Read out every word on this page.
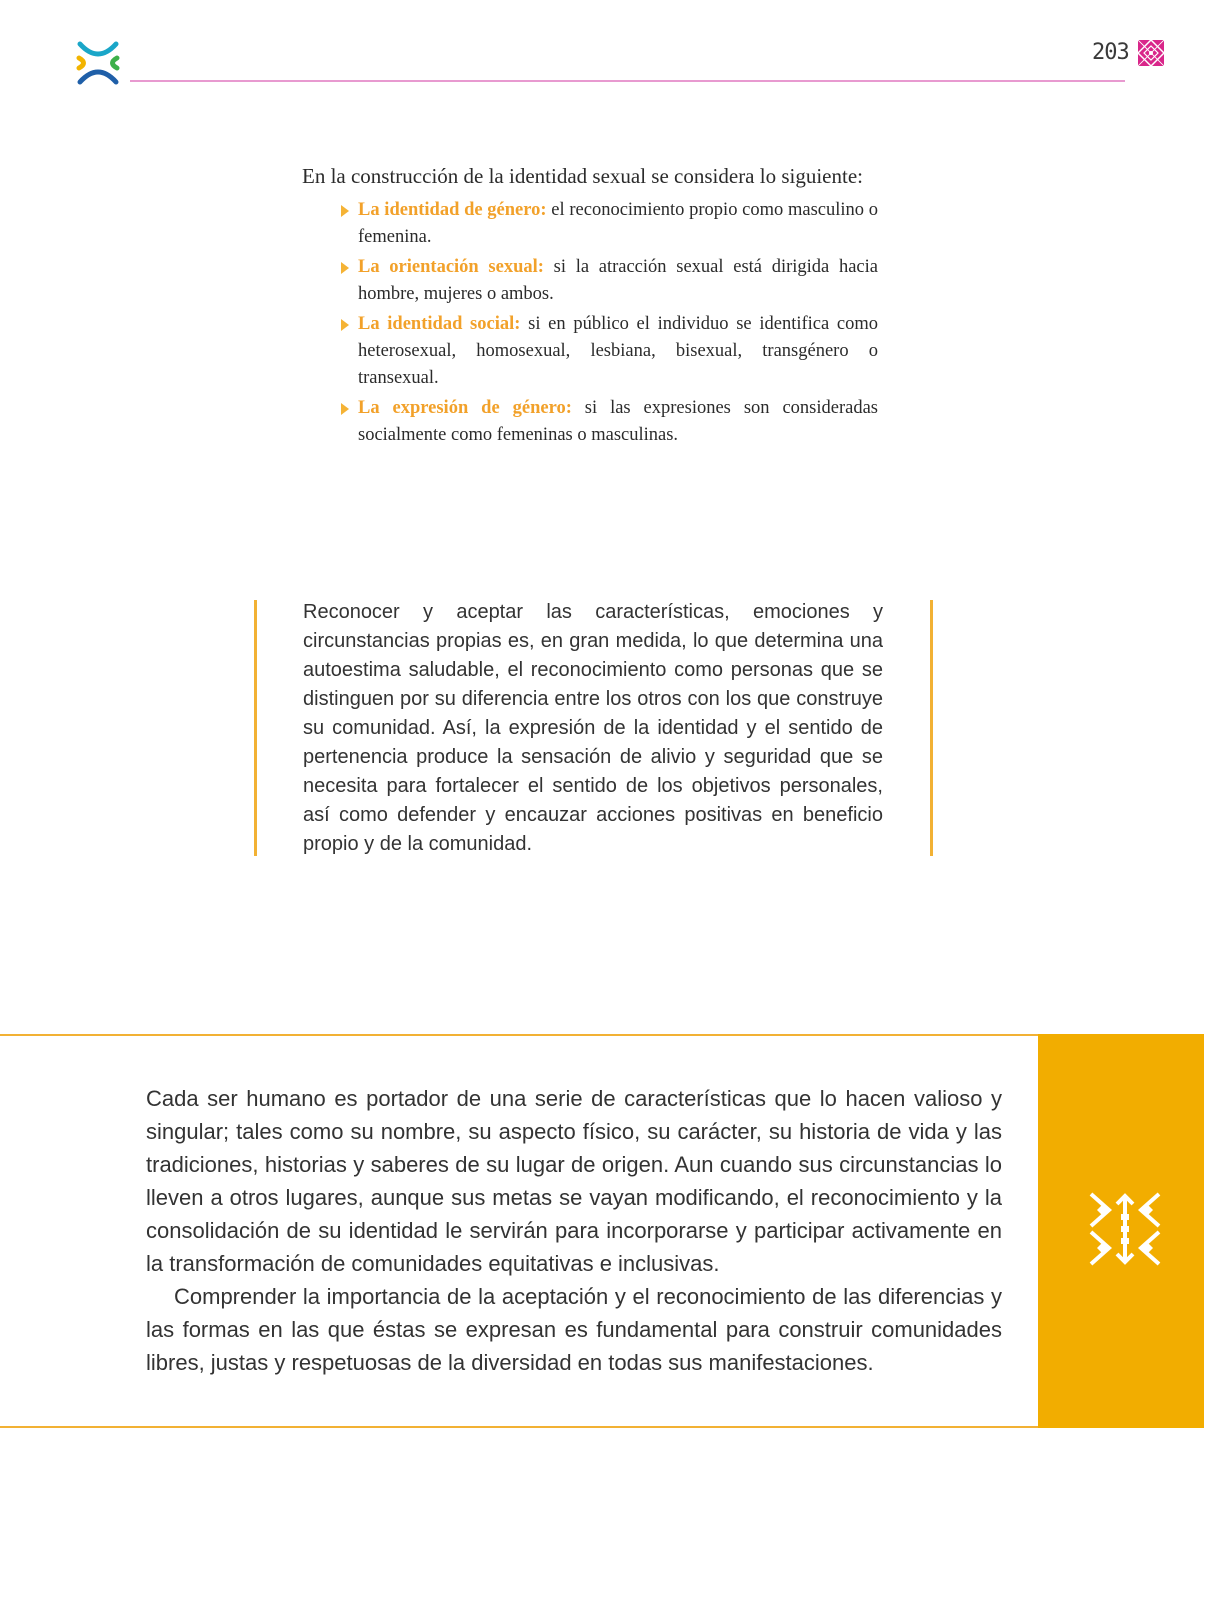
203

En la construcción de la identidad sexual se considera lo siguiente:

La identidad de género: el reconocimiento propio como masculino o femenina.
La orientación sexual: si la atracción sexual está dirigida hacia hombre, mujeres o ambos.
La identidad social: si en público el individuo se identifica como heterosexual, homosexual, lesbiana, bisexual, transgénero o transexual.
La expresión de género: si las expresiones son consideradas socialmente como femeninas o masculinas.
Reconocer y aceptar las características, emociones y circunstancias propias es, en gran medida, lo que determina una autoestima saludable, el reconocimiento como personas que se distinguen por su diferencia entre los otros con los que construye su comunidad. Así, la expresión de la identidad y el sentido de pertenencia produce la sensación de alivio y seguridad que se necesita para fortalecer el sentido de los objetivos personales, así como defender y encauzar acciones positivas en beneficio propio y de la comunidad.

Cada ser humano es portador de una serie de características que lo hacen valioso y singular; tales como su nombre, su aspecto físico, su carácter, su historia de vida y las tradiciones, historias y saberes de su lugar de origen. Aun cuando sus circunstancias lo lleven a otros lugares, aunque sus metas se vayan modificando, el reconocimiento y la consolidación de su identidad le servirán para incorporarse y participar activamente en la transformación de comunidades equitativas e inclusivas.

Comprender la importancia de la aceptación y el reconocimiento de las diferencias y las formas en las que éstas se expresan es fundamental para construir comunidades libres, justas y respetuosas de la diversidad en todas sus manifestaciones.
